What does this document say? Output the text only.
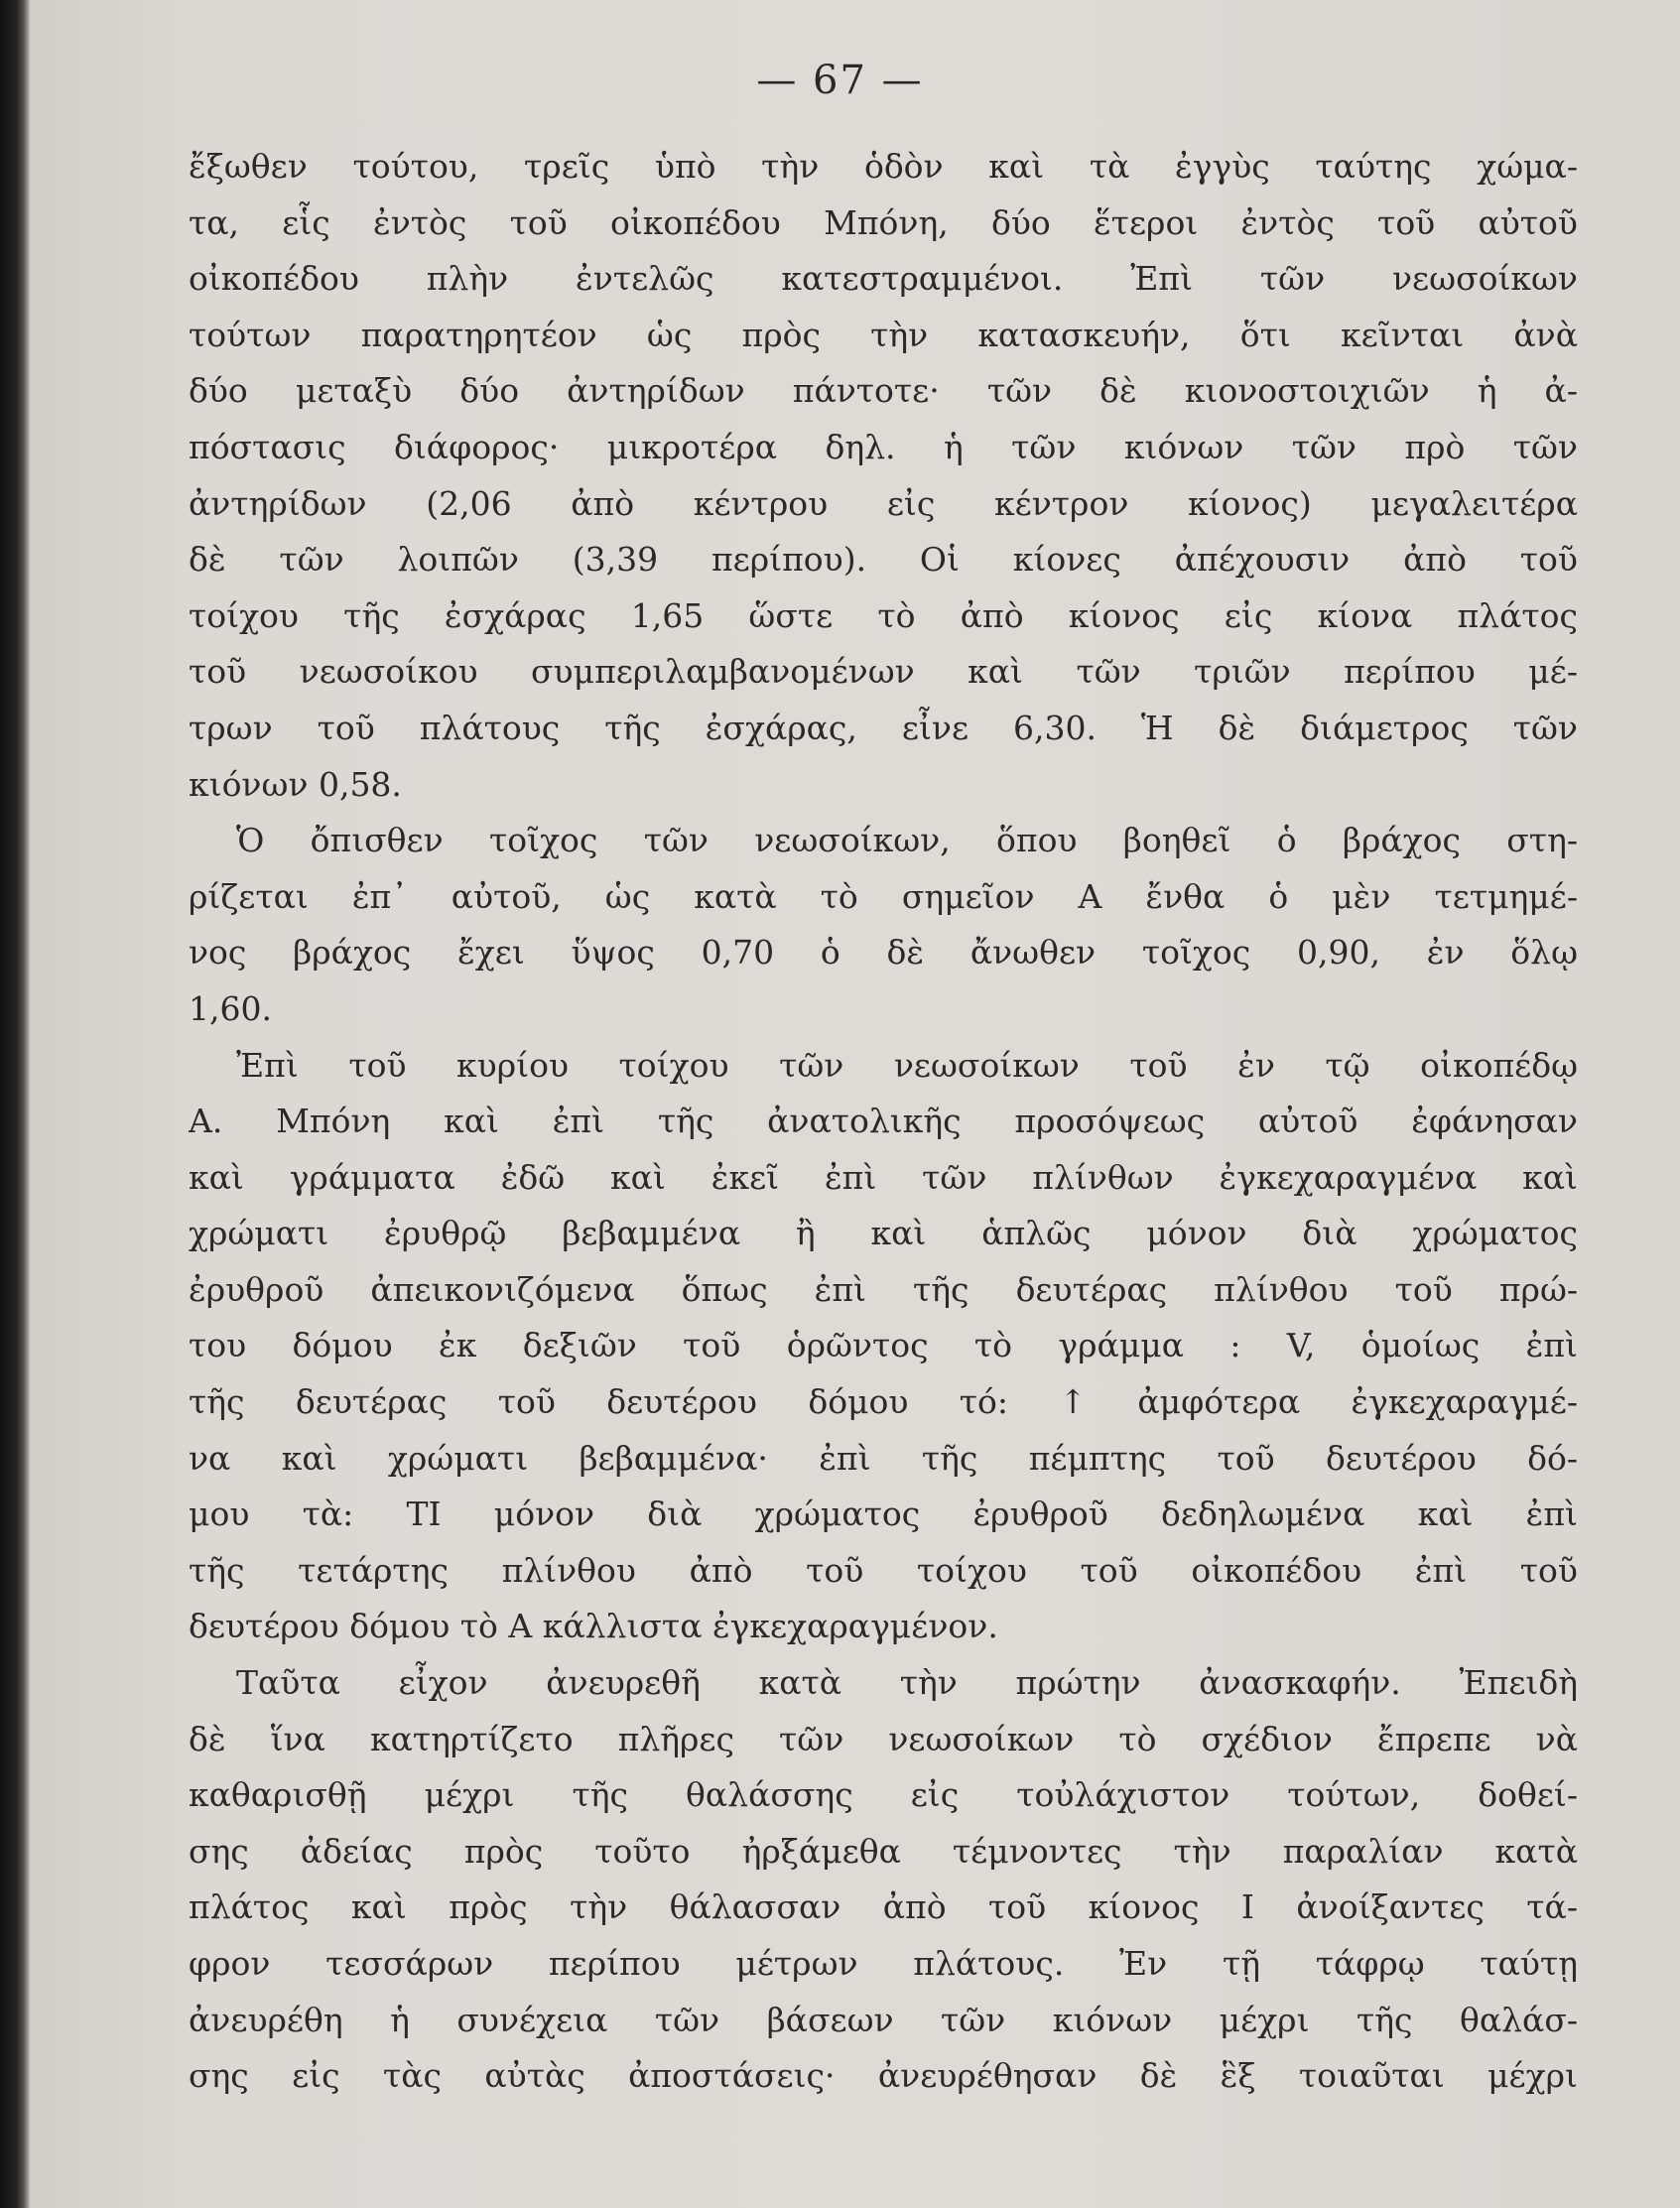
— 67 —
ἔξωθεν τούτου, τρεῖς ὑπὸ τὴν ὁδὸν καὶ τὰ ἐγγὺς ταύτης χώμα-
τα, εἷς ἐντὸς τοῦ οἰκοπέδου Μπόνη, δύο ἕτεροι ἐντὸς τοῦ αὐτοῦ
οἰκοπέδου πλὴν ἐντελῶς κατεστραμμένοι. Ἐπὶ τῶν νεωσοίκων
τούτων παρατηρητέον ὡς πρὸς τὴν κατασκευήν, ὅτι κεῖνται ἀνὰ
δύο μεταξὺ δύο ἀντηρίδων πάντοτε· τῶν δὲ κιονοστοιχιῶν ἡ ἀ-
πόστασις διάφορος· μικροτέρα δηλ. ἡ τῶν κιόνων τῶν πρὸ τῶν
ἀντηρίδων (2,06 ἀπὸ κέντρου εἰς κέντρον κίονος) μεγαλειτέρα
δὲ τῶν λοιπῶν (3,39 περίπου). Οἱ κίονες ἀπέχουσιν ἀπὸ τοῦ
τοίχου τῆς ἐσχάρας 1,65 ὥστε τὸ ἀπὸ κίονος εἰς κίονα πλάτος
τοῦ νεωσοίκου συμπεριλαμβανομένων καὶ τῶν τριῶν περίπου μέ-
τρων τοῦ πλάτους τῆς ἐσχάρας, εἶνε 6,30. Ἡ δὲ διάμετρος τῶν
κιόνων 0,58.
Ὁ ὄπισθεν τοῖχος τῶν νεωσοίκων, ὅπου βοηθεῖ ὁ βράχος στη-
ρίζεται ἐπ᾽ αὐτοῦ, ὡς κατὰ τὸ σημεῖον Α ἔνθα ὁ μὲν τετμημέ-
νος βράχος ἔχει ὕψος 0,70 ὁ δὲ ἄνωθεν τοῖχος 0,90, ἐν ὅλῳ
1,60.
Ἐπὶ τοῦ κυρίου τοίχου τῶν νεωσοίκων τοῦ ἐν τῷ οἰκοπέδῳ
Α. Μπόνη καὶ ἐπὶ τῆς ἀνατολικῆς προσόψεως αὐτοῦ ἐφάνησαν
καὶ γράμματα ἐδῶ καὶ ἐκεῖ ἐπὶ τῶν πλίνθων ἐγκεχαραγμένα καὶ
χρώματι ἐρυθρῷ βεβαμμένα ἢ καὶ ἁπλῶς μόνον διὰ χρώματος
ἐρυθροῦ ἀπεικονιζόμενα ὅπως ἐπὶ τῆς δευτέρας πλίνθου τοῦ πρώ-
του δόμου ἐκ δεξιῶν τοῦ ὁρῶντος τὸ γράμμα : V, ὁμοίως ἐπὶ
τῆς δευτέρας τοῦ δευτέρου δόμου τό: ↑ ἀμφότερα ἐγκεχαραγμέ-
να καὶ χρώματι βεβαμμένα· ἐπὶ τῆς πέμπτης τοῦ δευτέρου δό-
μου τὰ: TI μόνον διὰ χρώματος ἐρυθροῦ δεδηλωμένα καὶ ἐπὶ
τῆς τετάρτης πλίνθου ἀπὸ τοῦ τοίχου τοῦ οἰκοπέδου ἐπὶ τοῦ
δευτέρου δόμου τὸ Α κάλλιστα ἐγκεχαραγμένον.
Ταῦτα εἶχον ἀνευρεθῆ κατὰ τὴν πρώτην ἀνασκαφήν. Ἐπειδὴ
δὲ ἵνα κατηρτίζετο πλῆρες τῶν νεωσοίκων τὸ σχέδιον ἔπρεπε νὰ
καθαρισθῇ μέχρι τῆς θαλάσσης εἰς τοὐλάχιστον τούτων, δοθεί-
σης ἀδείας πρὸς τοῦτο ἠρξάμεθα τέμνοντες τὴν παραλίαν κατὰ
πλάτος καὶ πρὸς τὴν θάλασσαν ἀπὸ τοῦ κίονος Ι ἀνοίξαντες τά-
φρον τεσσάρων περίπου μέτρων πλάτους. Ἐν τῇ τάφρῳ ταύτῃ
ἀνευρέθη ἡ συνέχεια τῶν βάσεων τῶν κιόνων μέχρι τῆς θαλάσ-
σης εἰς τὰς αὐτὰς ἀποστάσεις· ἀνευρέθησαν δὲ ἓξ τοιαῦται μέχρι
